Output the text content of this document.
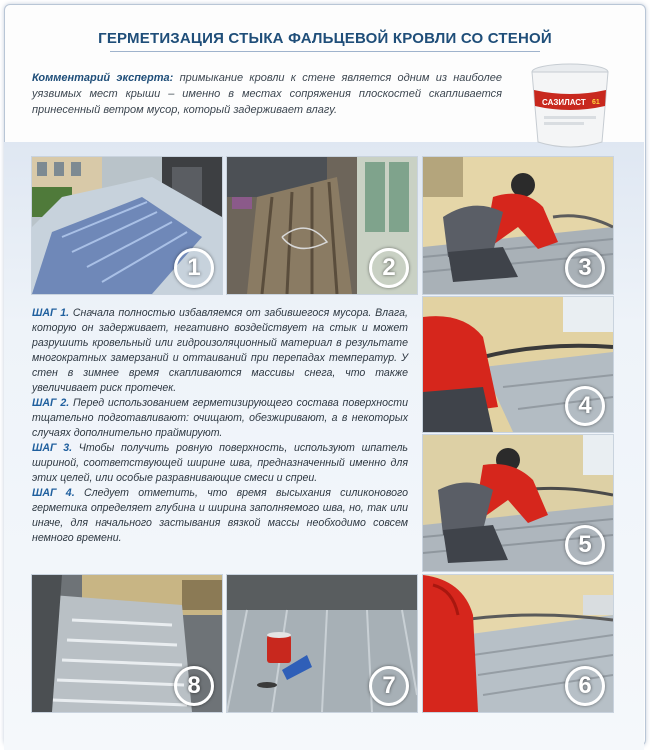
ГЕРМЕТИЗАЦИЯ СТЫКА ФАЛЬЦЕВОЙ КРОВЛИ СО СТЕНОЙ
Комментарий эксперта: примыкание кровли к стене является одним из наиболее уязвимых мест крыши – именно в местах сопряжения плоскостей скапливается принесенный ветром мусор, который задерживает влагу.
САЗИЛАСТ 61
1	2	3
4
5
6
7
8

ШАГ 1. Сначала полностью избавляемся от забившегося мусора. Влага, которую он задерживает, негативно воздействует на стык и может разрушить кровельный или гидроизоляционный материал в результате многократных замерзаний и оттаиваний при перепадах температур. У стен в зимнее время скапливаются массивы снега, что также увеличивает риск протечек.

ШАГ 2. Перед использованием герметизирующего состава поверхности тщательно подготавливают: очищают, обезжиривают, а в некоторых случаях дополнительно праймируют.

ШАГ 3. Чтобы получить ровную поверхность, используют шпатель шириной, соответствующей ширине шва, предназначенный именно для этих целей, или особые разравнивающие смеси и спреи.

ШАГ 4. Следует отметить, что время высыхания силиконового герметика определяет глубина и ширина заполняемого шва, но, так или иначе, для начального застывания вязкой массы необходимо совсем немного времени.
